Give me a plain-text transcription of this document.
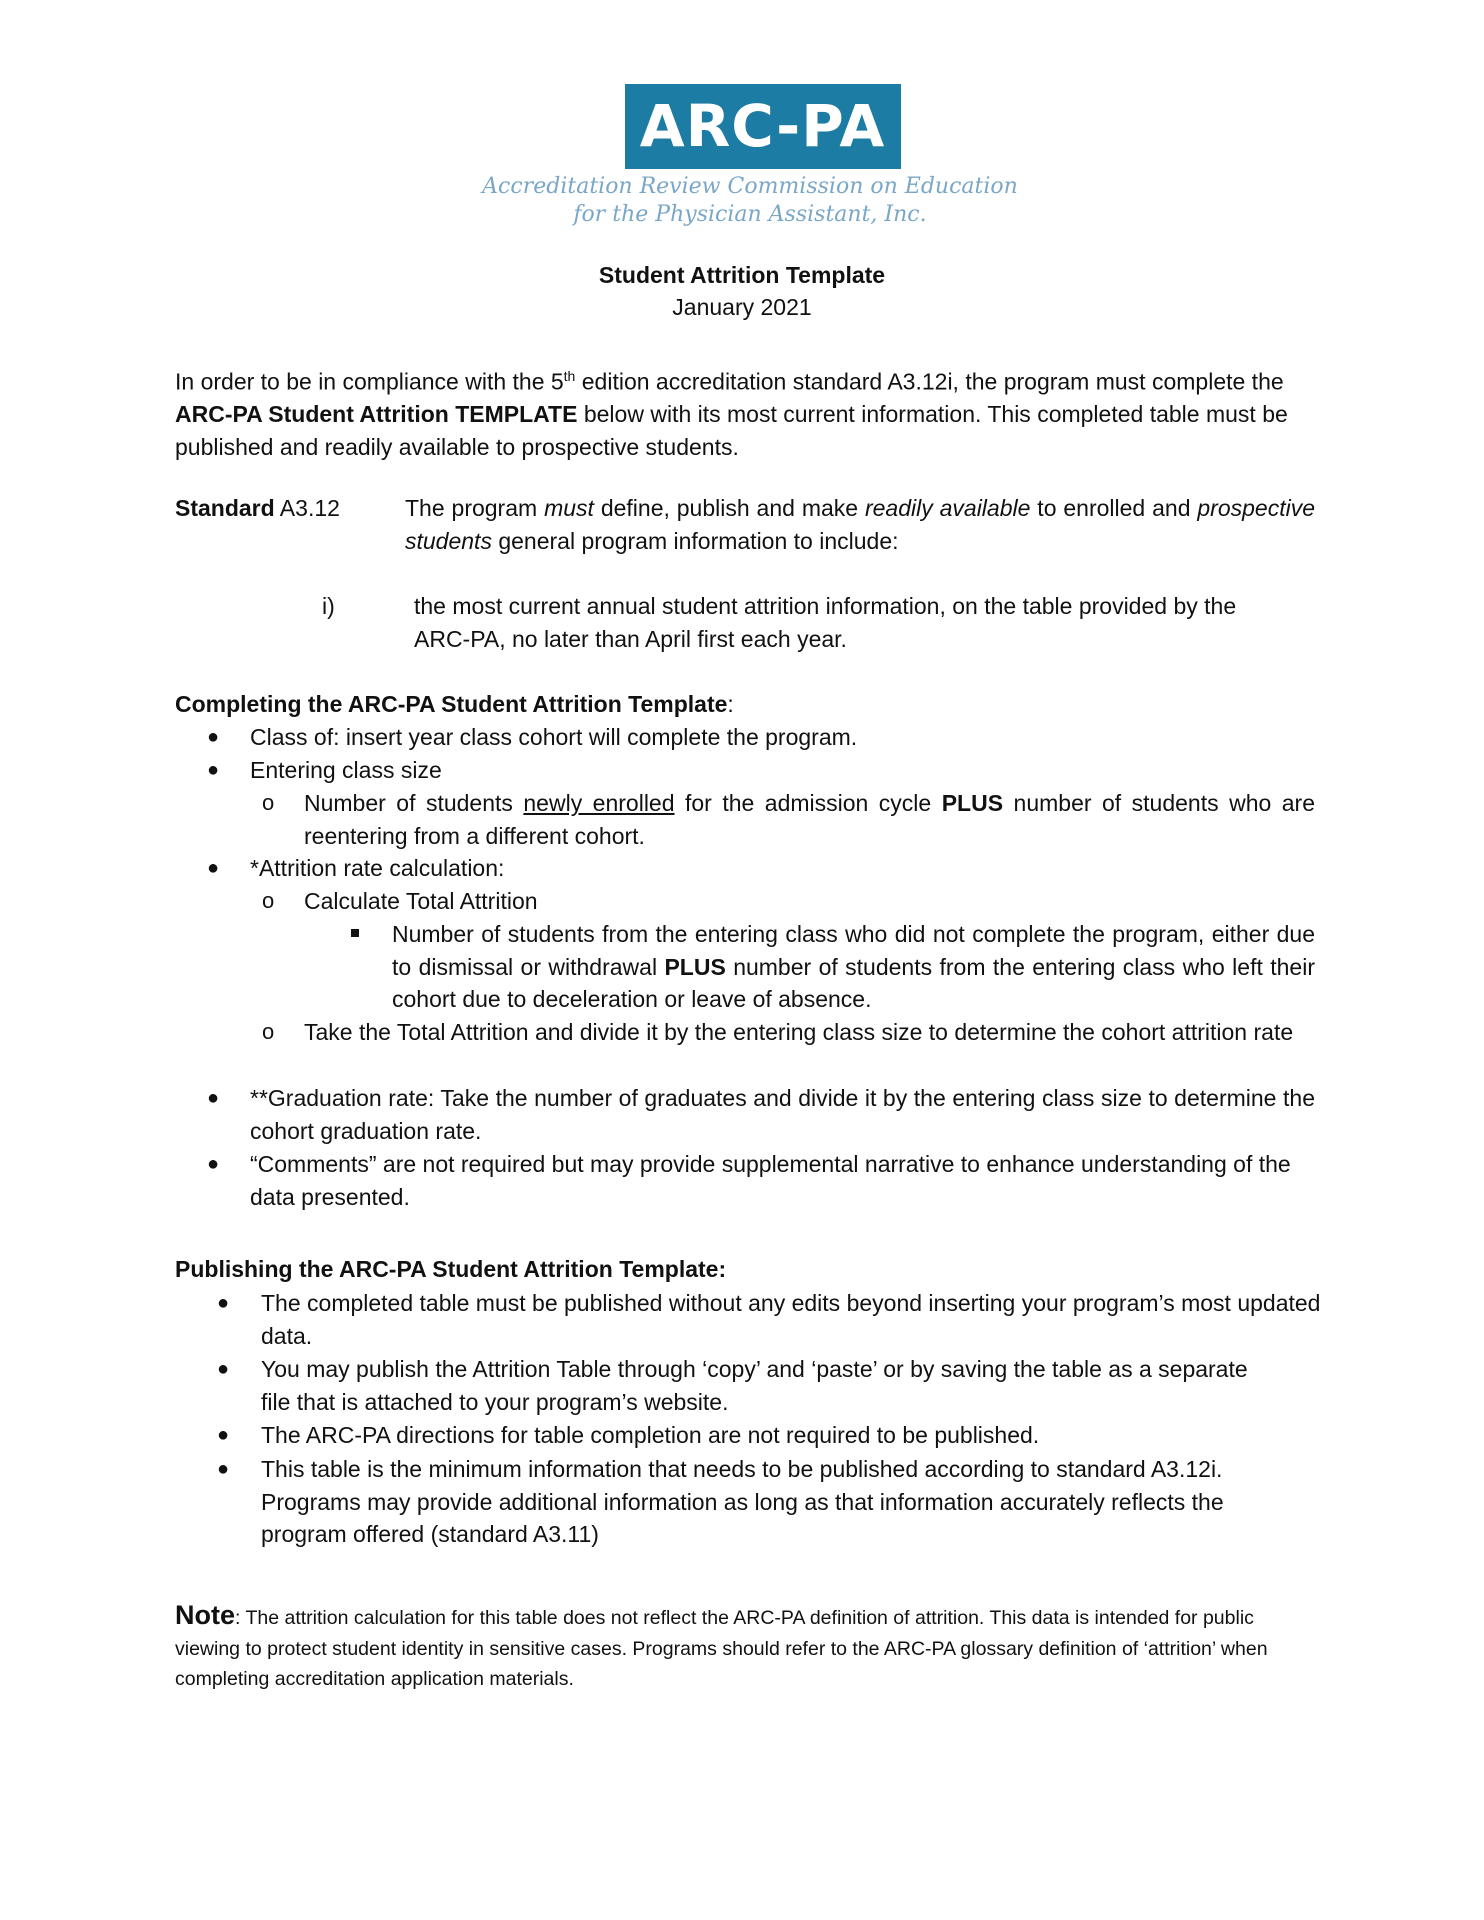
ARC-PA
Accreditation Review Commission on Education
for the Physician Assistant, Inc.
Student Attrition Template
January 2021
In order to be in compliance with the 5th edition accreditation standard A3.12i, the program must complete the ARC-PA Student Attrition TEMPLATE below with its most current information. This completed table must be published and readily available to prospective students.
Standard A3.12	The program must define, publish and make readily available to enrolled and prospective students general program information to include:
i)	the most current annual student attrition information, on the table provided by the ARC-PA, no later than April first each year.
Completing the ARC-PA Student Attrition Template:
● Class of: insert year class cohort will complete the program.
● Entering class size
o Number of students newly enrolled for the admission cycle PLUS number of students who are reentering from a different cohort.
● *Attrition rate calculation:
o Calculate Total Attrition
Number of students from the entering class who did not complete the program, either due to dismissal or withdrawal PLUS number of students from the entering class who left their cohort due to deceleration or leave of absence.
o Take the Total Attrition and divide it by the entering class size to determine the cohort attrition rate
● **Graduation rate: Take the number of graduates and divide it by the entering class size to determine the cohort graduation rate.
● “Comments” are not required but may provide supplemental narrative to enhance understanding of the data presented.
Publishing the ARC-PA Student Attrition Template:
● The completed table must be published without any edits beyond inserting your program’s most updated data.
● You may publish the Attrition Table through ‘copy’ and ‘paste’ or by saving the table as a separate file that is attached to your program’s website.
● The ARC-PA directions for table completion are not required to be published.
● This table is the minimum information that needs to be published according to standard A3.12i. Programs may provide additional information as long as that information accurately reflects the program offered (standard A3.11)
Note: The attrition calculation for this table does not reflect the ARC-PA definition of attrition. This data is intended for public viewing to protect student identity in sensitive cases. Programs should refer to the ARC-PA glossary definition of ‘attrition’ when completing accreditation application materials.
